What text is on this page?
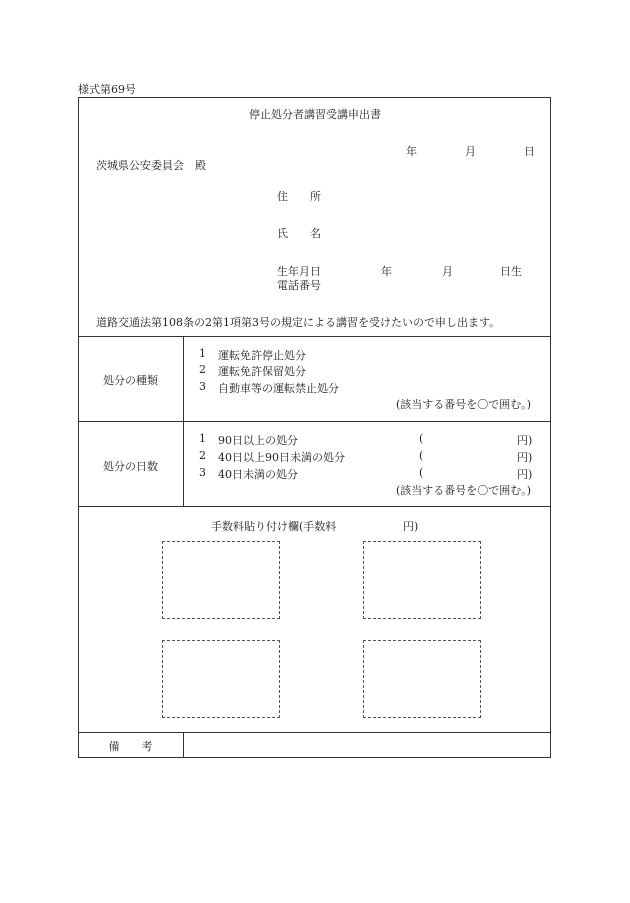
様式第69号
停止処分者講習受講申出書
年	月	日
茨城県公安委員会　殿
住　　所
氏　　名
生年月日	年	月	日生
電話番号
道路交通法第108条の2第1項第3号の規定による講習を受けたいので申し出ます。
処分の種類
1 運転免許停止処分
2 運転免許保留処分
3 自動車等の運転禁止処分
(該当する番号を〇で囲む。)
処分の日数
1 90日以上の処分	(	円)
2 40日以上90日未満の処分	(	円)
3 40日未満の処分	(	円)
(該当する番号を〇で囲む。)
手数料貼り付け欄(手数料	円)
備　　考
